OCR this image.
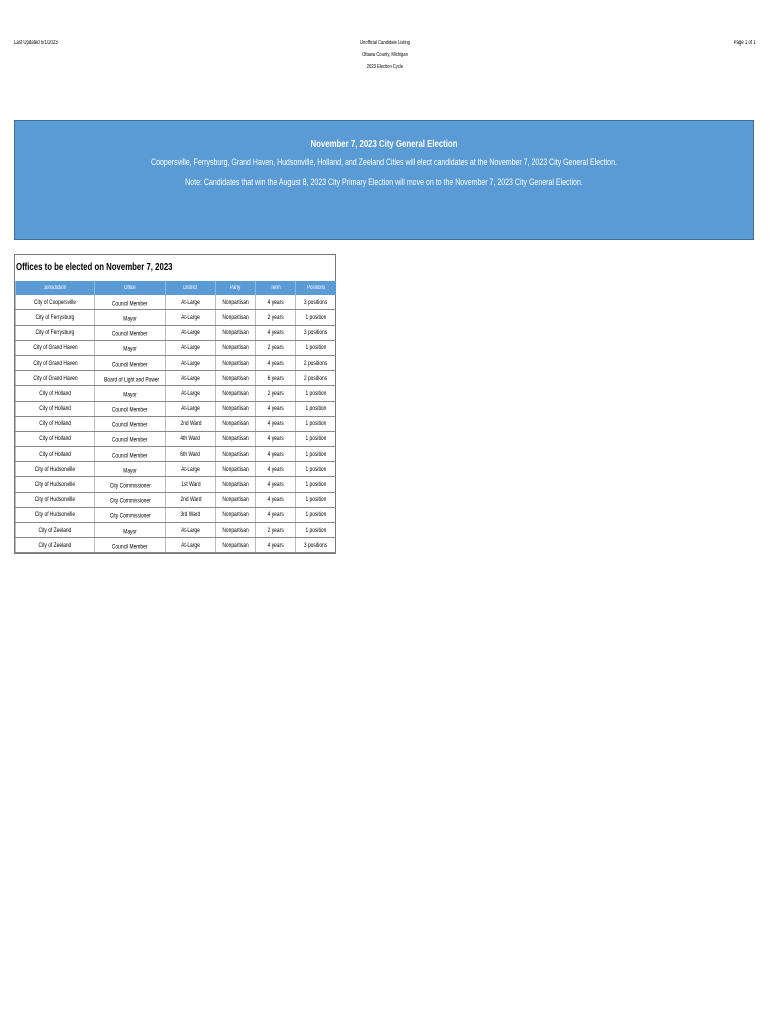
Last Updated 5/1/2023	Page 1 of 1
Unofficial Candidate Listing
Ottawa County, Michigan
2023 Election Cycle
November 7, 2023 City General Election
Coopersville, Ferrysburg, Grand Haven, Hudsonville, Holland, and Zeeland Cities will elect candidates at the November 7, 2023 City General Election.
Note: Candidates that win the August 8, 2023 City Primary Election will move on to the November 7, 2023 City General Election.
Offices to be elected on November 7, 2023
Jurisdiction	Office	District	Party	Term	Positions
City of Coopersville	Council Member	At-Large	Nonpartisan	4 years	3 positions
City of Ferrysburg	Mayor	At-Large	Nonpartisan	2 years	1 position
City of Ferrysburg	Council Member	At-Large	Nonpartisan	4 years	3 positions
City of Grand Haven	Mayor	At-Large	Nonpartisan	2 years	1 position
City of Grand Haven	Council Member	At-Large	Nonpartisan	4 years	2 positions
City of Grand Haven	Board of Light and Power	At-Large	Nonpartisan	6 years	2 positions
City of Holland	Mayor	At-Large	Nonpartisan	2 years	1 position
City of Holland	Council Member	At-Large	Nonpartisan	4 years	1 position
City of Holland	Council Member	2nd Ward	Nonpartisan	4 years	1 position
City of Holland	Council Member	4th Ward	Nonpartisan	4 years	1 position
City of Holland	Council Member	6th Ward	Nonpartisan	4 years	1 position
City of Hudsonville	Mayor	At-Large	Nonpartisan	4 years	1 position
City of Hudsonville	City Commissioner	1st Ward	Nonpartisan	4 years	1 position
City of Hudsonville	City Commissioner	2nd Ward	Nonpartisan	4 years	1 position
City of Hudsonville	City Commissioner	3rd Ward	Nonpartisan	4 years	1 position
City of Zeeland	Mayor	At-Large	Nonpartisan	2 years	1 position
City of Zeeland	Council Member	At-Large	Nonpartisan	4 years	3 positions
